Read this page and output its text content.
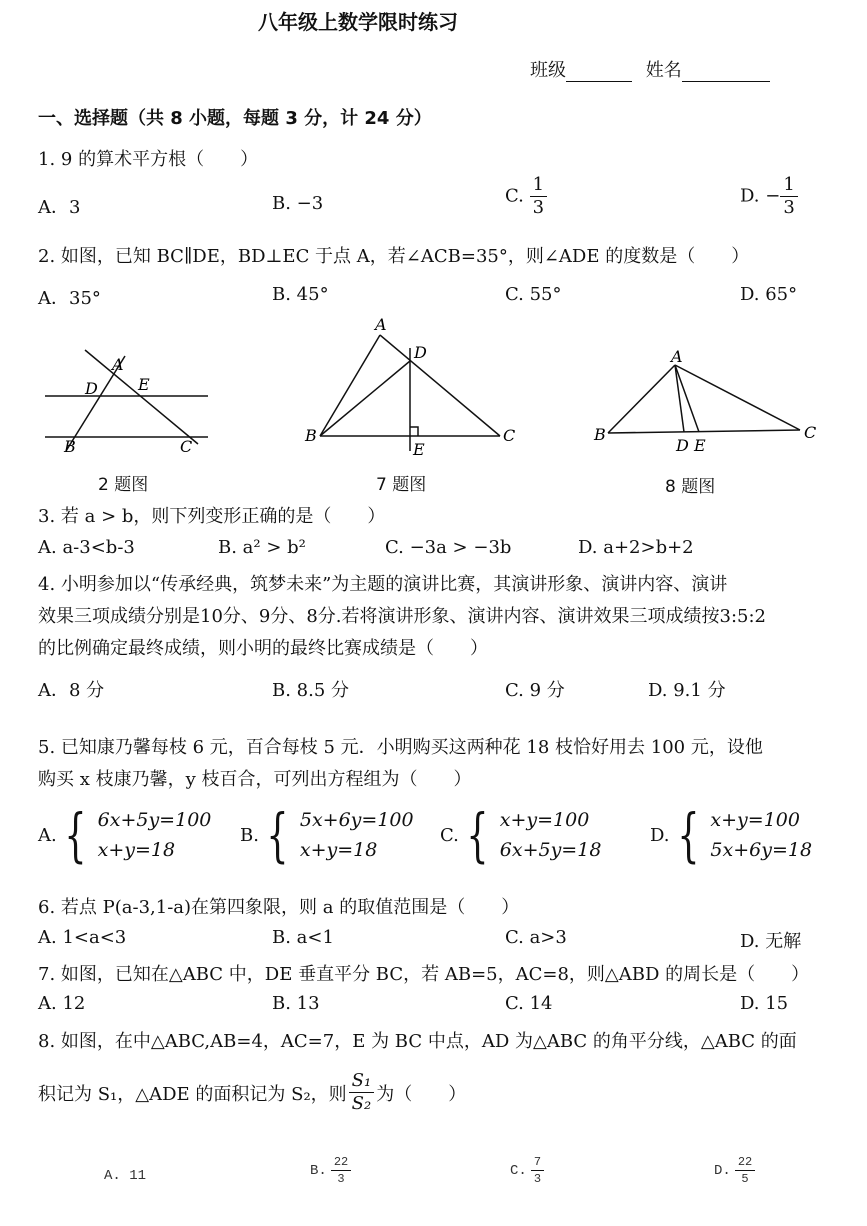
八年级上数学限时练习
班级	姓名
一、选择题（共 8 小题，每题 3 分，计 24 分）
1. 9 的算术平方根（　　）
A．3	B. −3	C. $\frac{1}{3}$	D. − $\frac{1}{3}$
2. 如图，已知 BC∥DE，BD⊥EC 于点 A，若∠ACB=35°，则∠ADE 的度数是（　　）
A．35°	B. 45°	C. 55°	D. 65°
A
D	E
B	C
A
D
B
E
C
A
B
D E
C
2 题图	7 题图	8 题图
3. 若 a > b，则下列变形正确的是（　　）
A. a-3<b-3	B. a² > b²	C. −3a > −3b	D. a+2>b+2
4. 小明参加以“传承经典，筑梦未来”为主题的演讲比赛，其演讲形象、演讲内容、演讲
效果三项成绩分别是10分、9分、8分.若将演讲形象、演讲内容、演讲效果三项成绩按3:5:2
的比例确定最终成绩，则小明的最终比赛成绩是（　　）
A．8 分	B. 8.5 分	C. 9 分	D. 9.1 分
5. 已知康乃馨每枝 6 元，百合每枝 5 元．小明购买这两种花 18 枝恰好用去 100 元，设他
购买 x 枝康乃馨，y 枝百合，可列出方程组为（　　）
A. { 6x+5y=100
x+y=18
B. { 5x+6y=100
x+y=18
C. { x+y=100
6x+5y=18
D. { x+y=100
5x+6y=18
6. 若点 P(a-3,1-a)在第四象限，则 a 的取值范围是（　　）
A. 1<a<3	B. a<1	C. a>3	D. 无解
7. 如图，已知在△ABC 中，DE 垂直平分 BC，若 AB=5，AC=8，则△ABD 的周长是（　　）
A. 12	B. 13	C. 14	D. 15
8. 如图，在中△ABC,AB=4，AC=7，E 为 BC 中点，AD 为△ABC 的角平分线，△ABC 的面
积记为 S₁，△ADE 的面积记为 S₂，则 $\frac{\text{S₁}}{\text{S₂}}$ 为（　　）
A. 11	B. $\frac{22}{3}$	C. $\frac{7}{3}$	D. $\frac{22}{5}$
